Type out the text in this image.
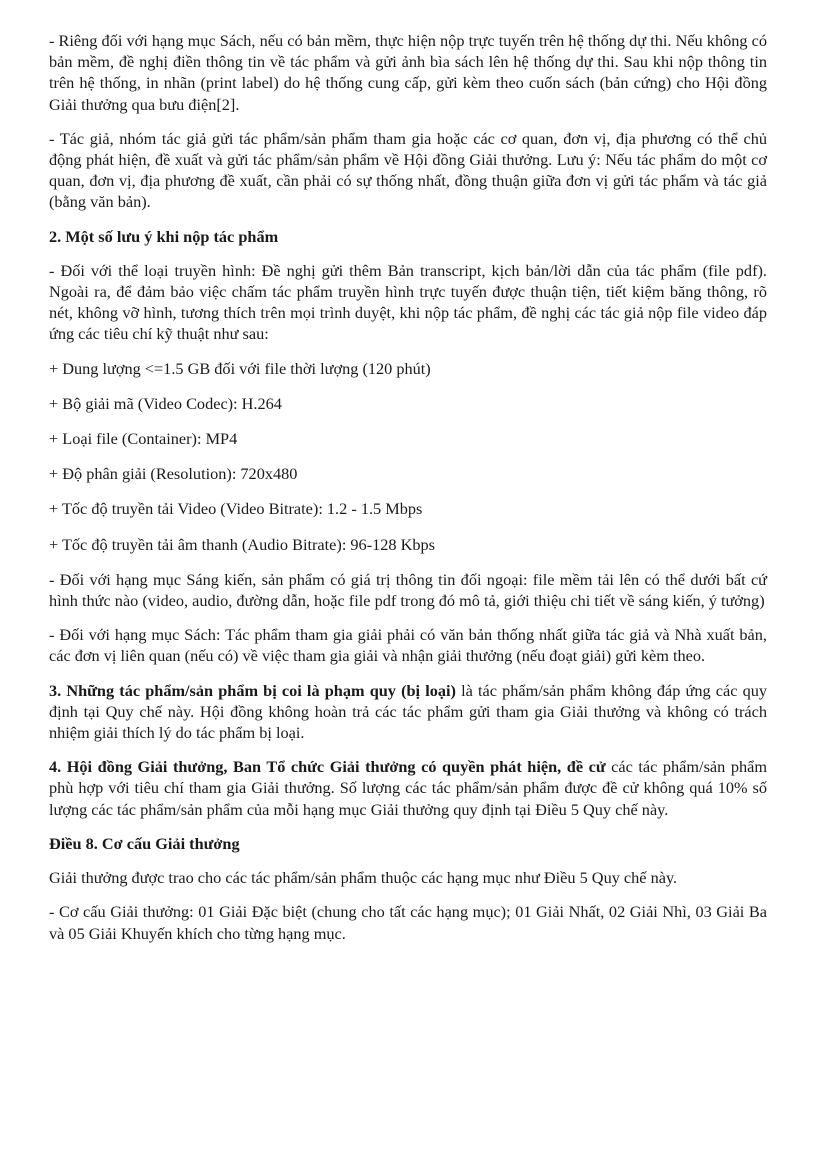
- Riêng đối với hạng mục Sách, nếu có bản mềm, thực hiện nộp trực tuyến trên hệ thống dự thi. Nếu không có bản mềm, đề nghị điền thông tin về tác phẩm và gửi ảnh bìa sách lên hệ thống dự thi. Sau khi nộp thông tin trên hệ thống, in nhãn (print label) do hệ thống cung cấp, gửi kèm theo cuốn sách (bản cứng) cho Hội đồng Giải thưởng qua bưu điện[2].

- Tác giả, nhóm tác giả gửi tác phẩm/sản phẩm tham gia hoặc các cơ quan, đơn vị, địa phương có thể chủ động phát hiện, đề xuất và gửi tác phẩm/sản phẩm về Hội đồng Giải thưởng. Lưu ý: Nếu tác phẩm do một cơ quan, đơn vị, địa phương đề xuất, cần phải có sự thống nhất, đồng thuận giữa đơn vị gửi tác phẩm và tác giả (bằng văn bản).

2. Một số lưu ý khi nộp tác phẩm

- Đối với thể loại truyền hình: Đề nghị gửi thêm Bản transcript, kịch bản/lời dẫn của tác phẩm (file pdf). Ngoài ra, để đảm bảo việc chấm tác phẩm truyền hình trực tuyến được thuận tiện, tiết kiệm băng thông, rõ nét, không vỡ hình, tương thích trên mọi trình duyệt, khi nộp tác phẩm, đề nghị các tác giả nộp file video đáp ứng các tiêu chí kỹ thuật như sau:

+ Dung lượng <=1.5 GB đối với file thời lượng (120 phút)

+ Bộ giải mã (Video Codec): H.264

+ Loại file (Container): MP4

+ Độ phân giải (Resolution): 720x480

+ Tốc độ truyền tải Video (Video Bitrate): 1.2 - 1.5 Mbps

+ Tốc độ truyền tải âm thanh (Audio Bitrate): 96-128 Kbps

- Đối với hạng mục Sáng kiến, sản phẩm có giá trị thông tin đối ngoại: file mềm tải lên có thể dưới bất cứ hình thức nào (video, audio, đường dẫn, hoặc file pdf trong đó mô tả, giới thiệu chi tiết về sáng kiến, ý tưởng)

- Đối với hạng mục Sách: Tác phẩm tham gia giải phải có văn bản thống nhất giữa tác giả và Nhà xuất bản, các đơn vị liên quan (nếu có) về việc tham gia giải và nhận giải thưởng (nếu đoạt giải) gửi kèm theo.

3. Những tác phẩm/sản phẩm bị coi là phạm quy (bị loại) là tác phẩm/sản phẩm không đáp ứng các quy định tại Quy chế này. Hội đồng không hoàn trả các tác phẩm gửi tham gia Giải thưởng và không có trách nhiệm giải thích lý do tác phẩm bị loại.

4. Hội đồng Giải thưởng, Ban Tổ chức Giải thưởng có quyền phát hiện, đề cử các tác phẩm/sản phẩm phù hợp với tiêu chí tham gia Giải thưởng. Số lượng các tác phẩm/sản phẩm được đề cử không quá 10% số lượng các tác phẩm/sản phẩm của mỗi hạng mục Giải thưởng quy định tại Điều 5 Quy chế này.

Điều 8. Cơ cấu Giải thưởng

Giải thưởng được trao cho các tác phẩm/sản phẩm thuộc các hạng mục như Điều 5 Quy chế này.

- Cơ cấu Giải thưởng: 01 Giải Đặc biệt (chung cho tất các hạng mục); 01 Giải Nhất, 02 Giải Nhì, 03 Giải Ba và 05 Giải Khuyến khích cho từng hạng mục.
